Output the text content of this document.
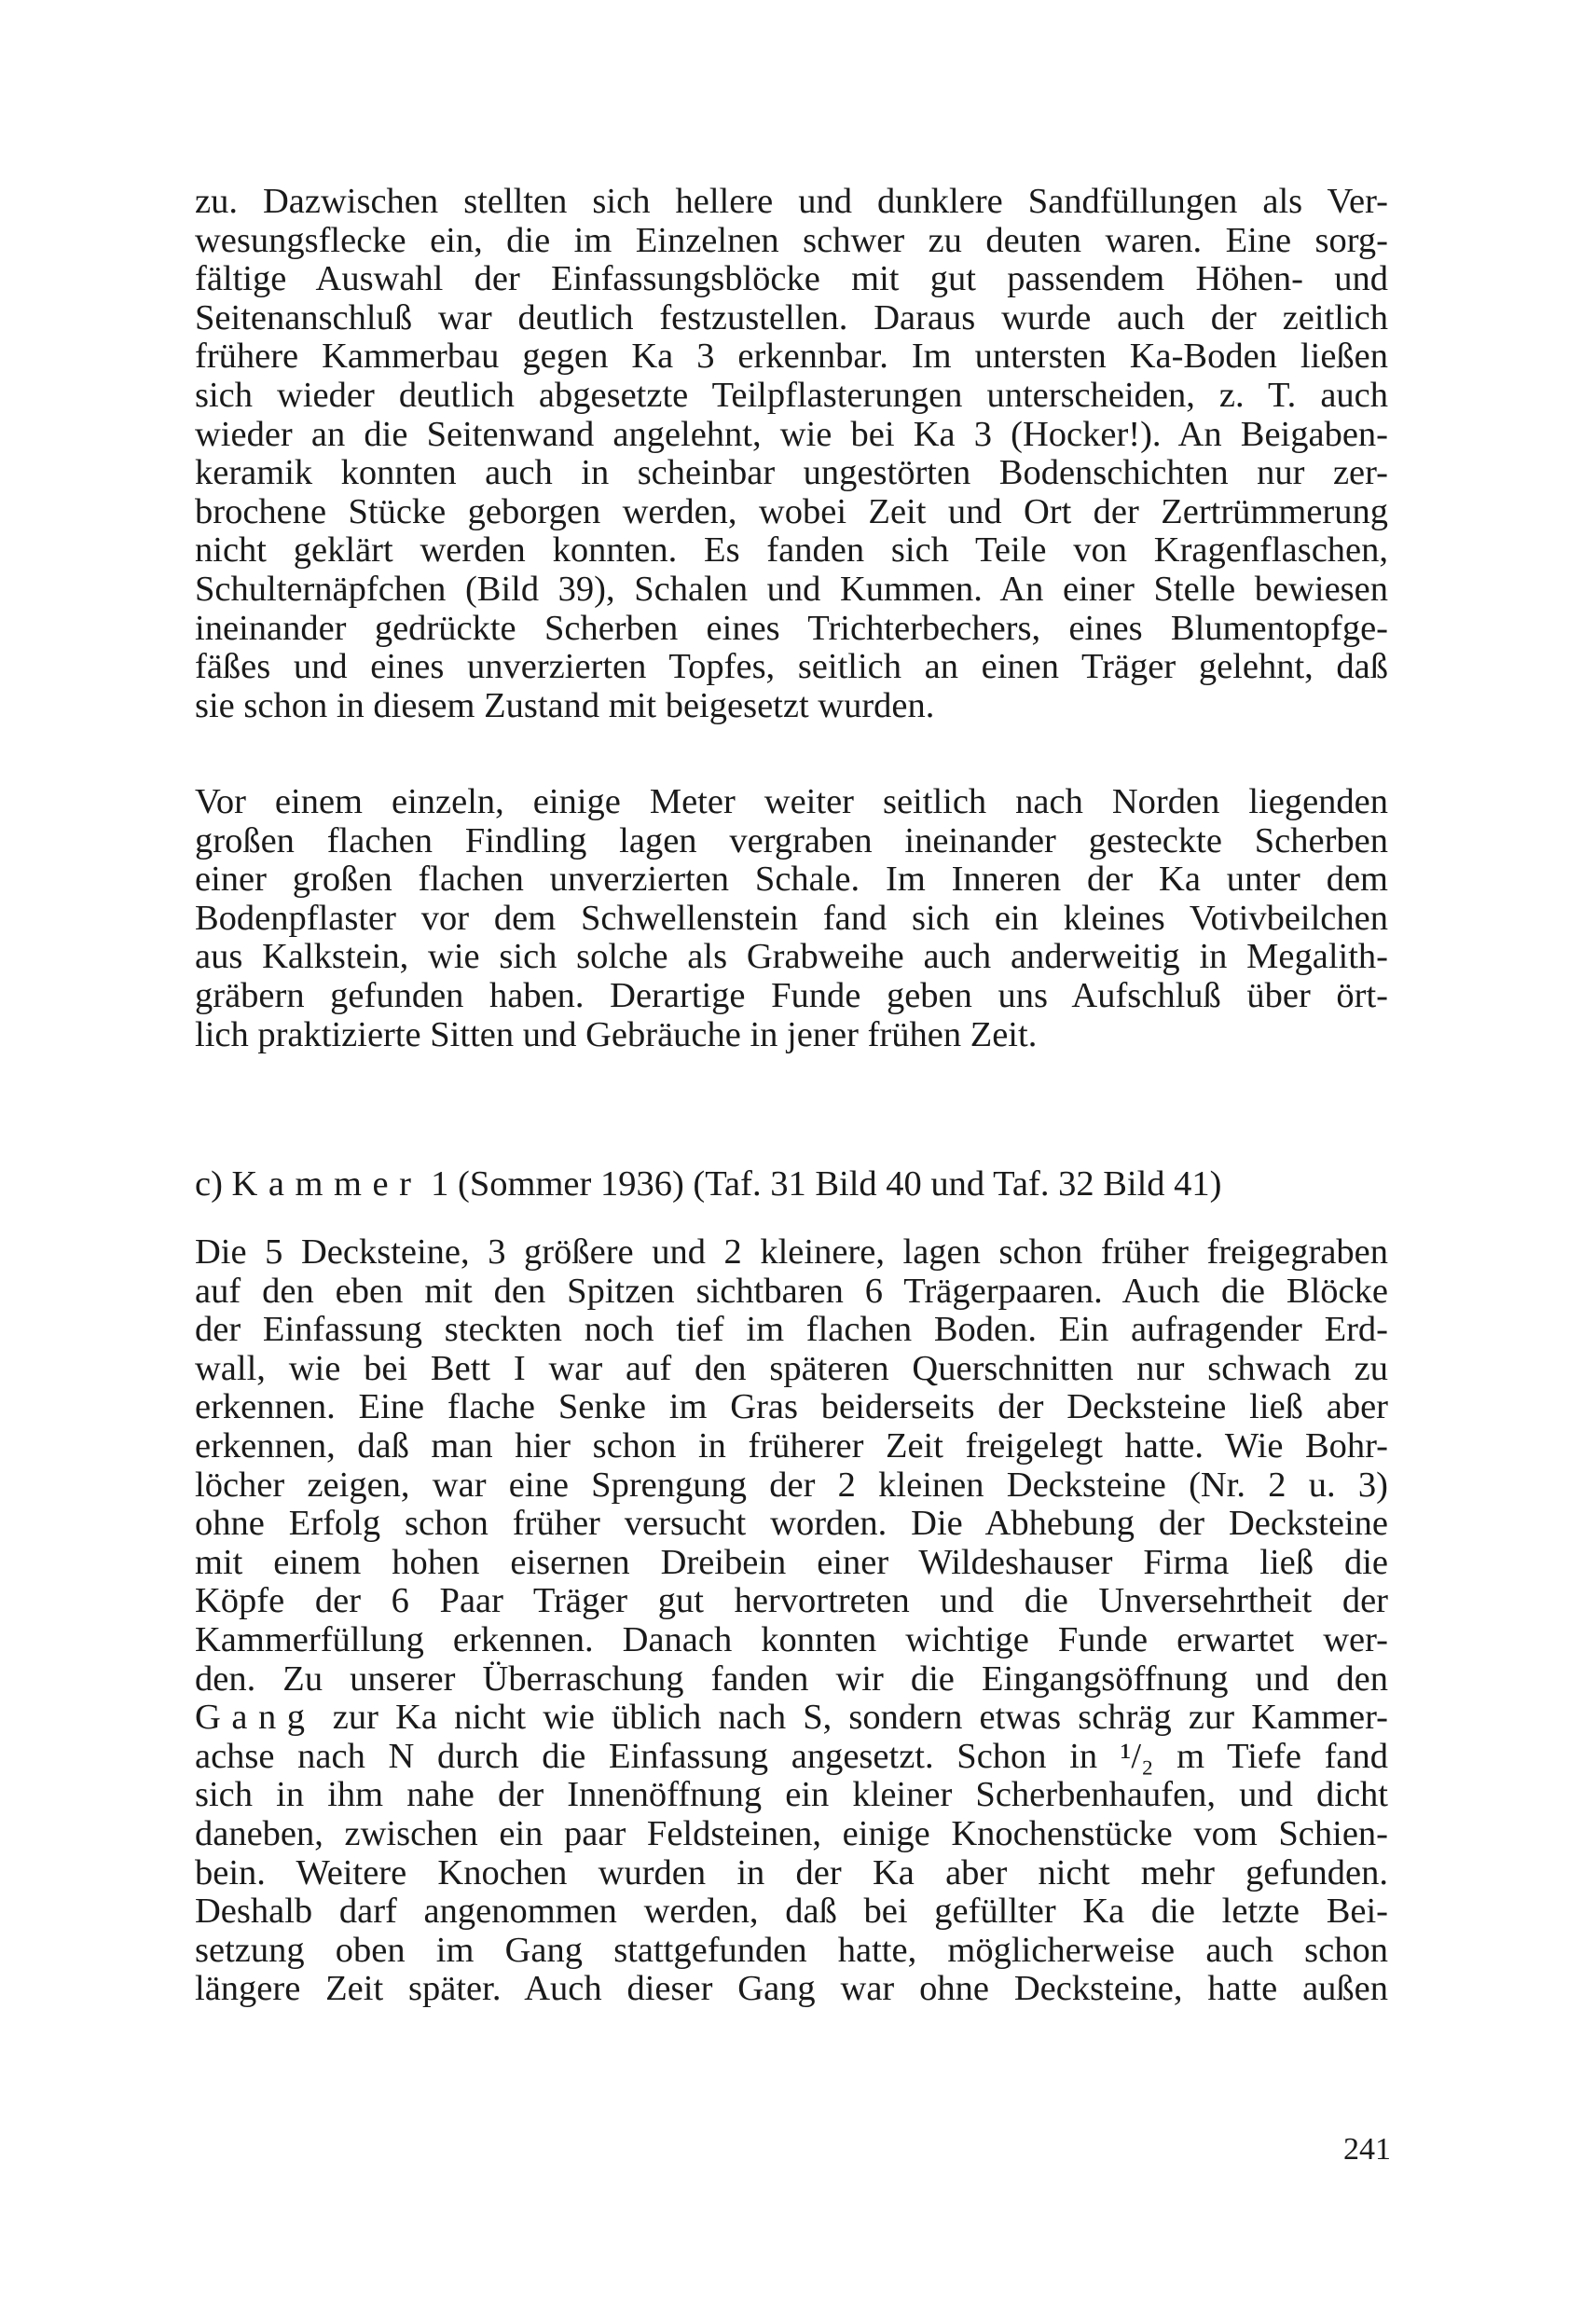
zu. Dazwischen stellten sich hellere und dunklere Sandfüllungen als Ver-
wesungsflecke ein, die im Einzelnen schwer zu deuten waren. Eine sorg-
fältige Auswahl der Einfassungsblöcke mit gut passendem Höhen- und
Seitenanschluß war deutlich festzustellen. Daraus wurde auch der zeitlich
frühere Kammerbau gegen Ka 3 erkennbar. Im untersten Ka-Boden ließen
sich wieder deutlich abgesetzte Teilpflasterungen unterscheiden, z. T. auch
wieder an die Seitenwand angelehnt, wie bei Ka 3 (Hocker!). An Beigaben-
keramik konnten auch in scheinbar ungestörten Bodenschichten nur zer-
brochene Stücke geborgen werden, wobei Zeit und Ort der Zertrümmerung
nicht geklärt werden konnten. Es fanden sich Teile von Kragenflaschen,
Schulternäpfchen (Bild 39), Schalen und Kummen. An einer Stelle bewiesen
ineinander gedrückte Scherben eines Trichterbechers, eines Blumentopfge-
fäßes und eines unverzierten Topfes, seitlich an einen Träger gelehnt, daß
sie schon in diesem Zustand mit beigesetzt wurden.
Vor einem einzeln, einige Meter weiter seitlich nach Norden liegenden
großen flachen Findling lagen vergraben ineinander gesteckte Scherben
einer großen flachen unverzierten Schale. Im Inneren der Ka unter dem
Bodenpflaster vor dem Schwellenstein fand sich ein kleines Votivbeilchen
aus Kalkstein, wie sich solche als Grabweihe auch anderweitig in Megalith-
gräbern gefunden haben. Derartige Funde geben uns Aufschluß über ört-
lich praktizierte Sitten und Gebräuche in jener frühen Zeit.
c) Kammer 1 (Sommer 1936) (Taf. 31 Bild 40 und Taf. 32 Bild 41)
Die 5 Decksteine, 3 größere und 2 kleinere, lagen schon früher freigegraben
auf den eben mit den Spitzen sichtbaren 6 Trägerpaaren. Auch die Blöcke
der Einfassung steckten noch tief im flachen Boden. Ein aufragender Erd-
wall, wie bei Bett I war auf den späteren Querschnitten nur schwach zu
erkennen. Eine flache Senke im Gras beiderseits der Decksteine ließ aber
erkennen, daß man hier schon in früherer Zeit freigelegt hatte. Wie Bohr-
löcher zeigen, war eine Sprengung der 2 kleinen Decksteine (Nr. 2 u. 3)
ohne Erfolg schon früher versucht worden. Die Abhebung der Decksteine
mit einem hohen eisernen Dreibein einer Wildeshauser Firma ließ die
Köpfe der 6 Paar Träger gut hervortreten und die Unversehrtheit der
Kammerfüllung erkennen. Danach konnten wichtige Funde erwartet wer-
den. Zu unserer Überraschung fanden wir die Eingangsöffnung und den
Gang zur Ka nicht wie üblich nach S, sondern etwas schräg zur Kammer-
achse nach N durch die Einfassung angesetzt. Schon in ¹/₂ m Tiefe fand
sich in ihm nahe der Innenöffnung ein kleiner Scherbenhaufen, und dicht
daneben, zwischen ein paar Feldsteinen, einige Knochenstücke vom Schien-
bein. Weitere Knochen wurden in der Ka aber nicht mehr gefunden.
Deshalb darf angenommen werden, daß bei gefüllter Ka die letzte Bei-
setzung oben im Gang stattgefunden hatte, möglicherweise auch schon
längere Zeit später. Auch dieser Gang war ohne Decksteine, hatte außen
241
